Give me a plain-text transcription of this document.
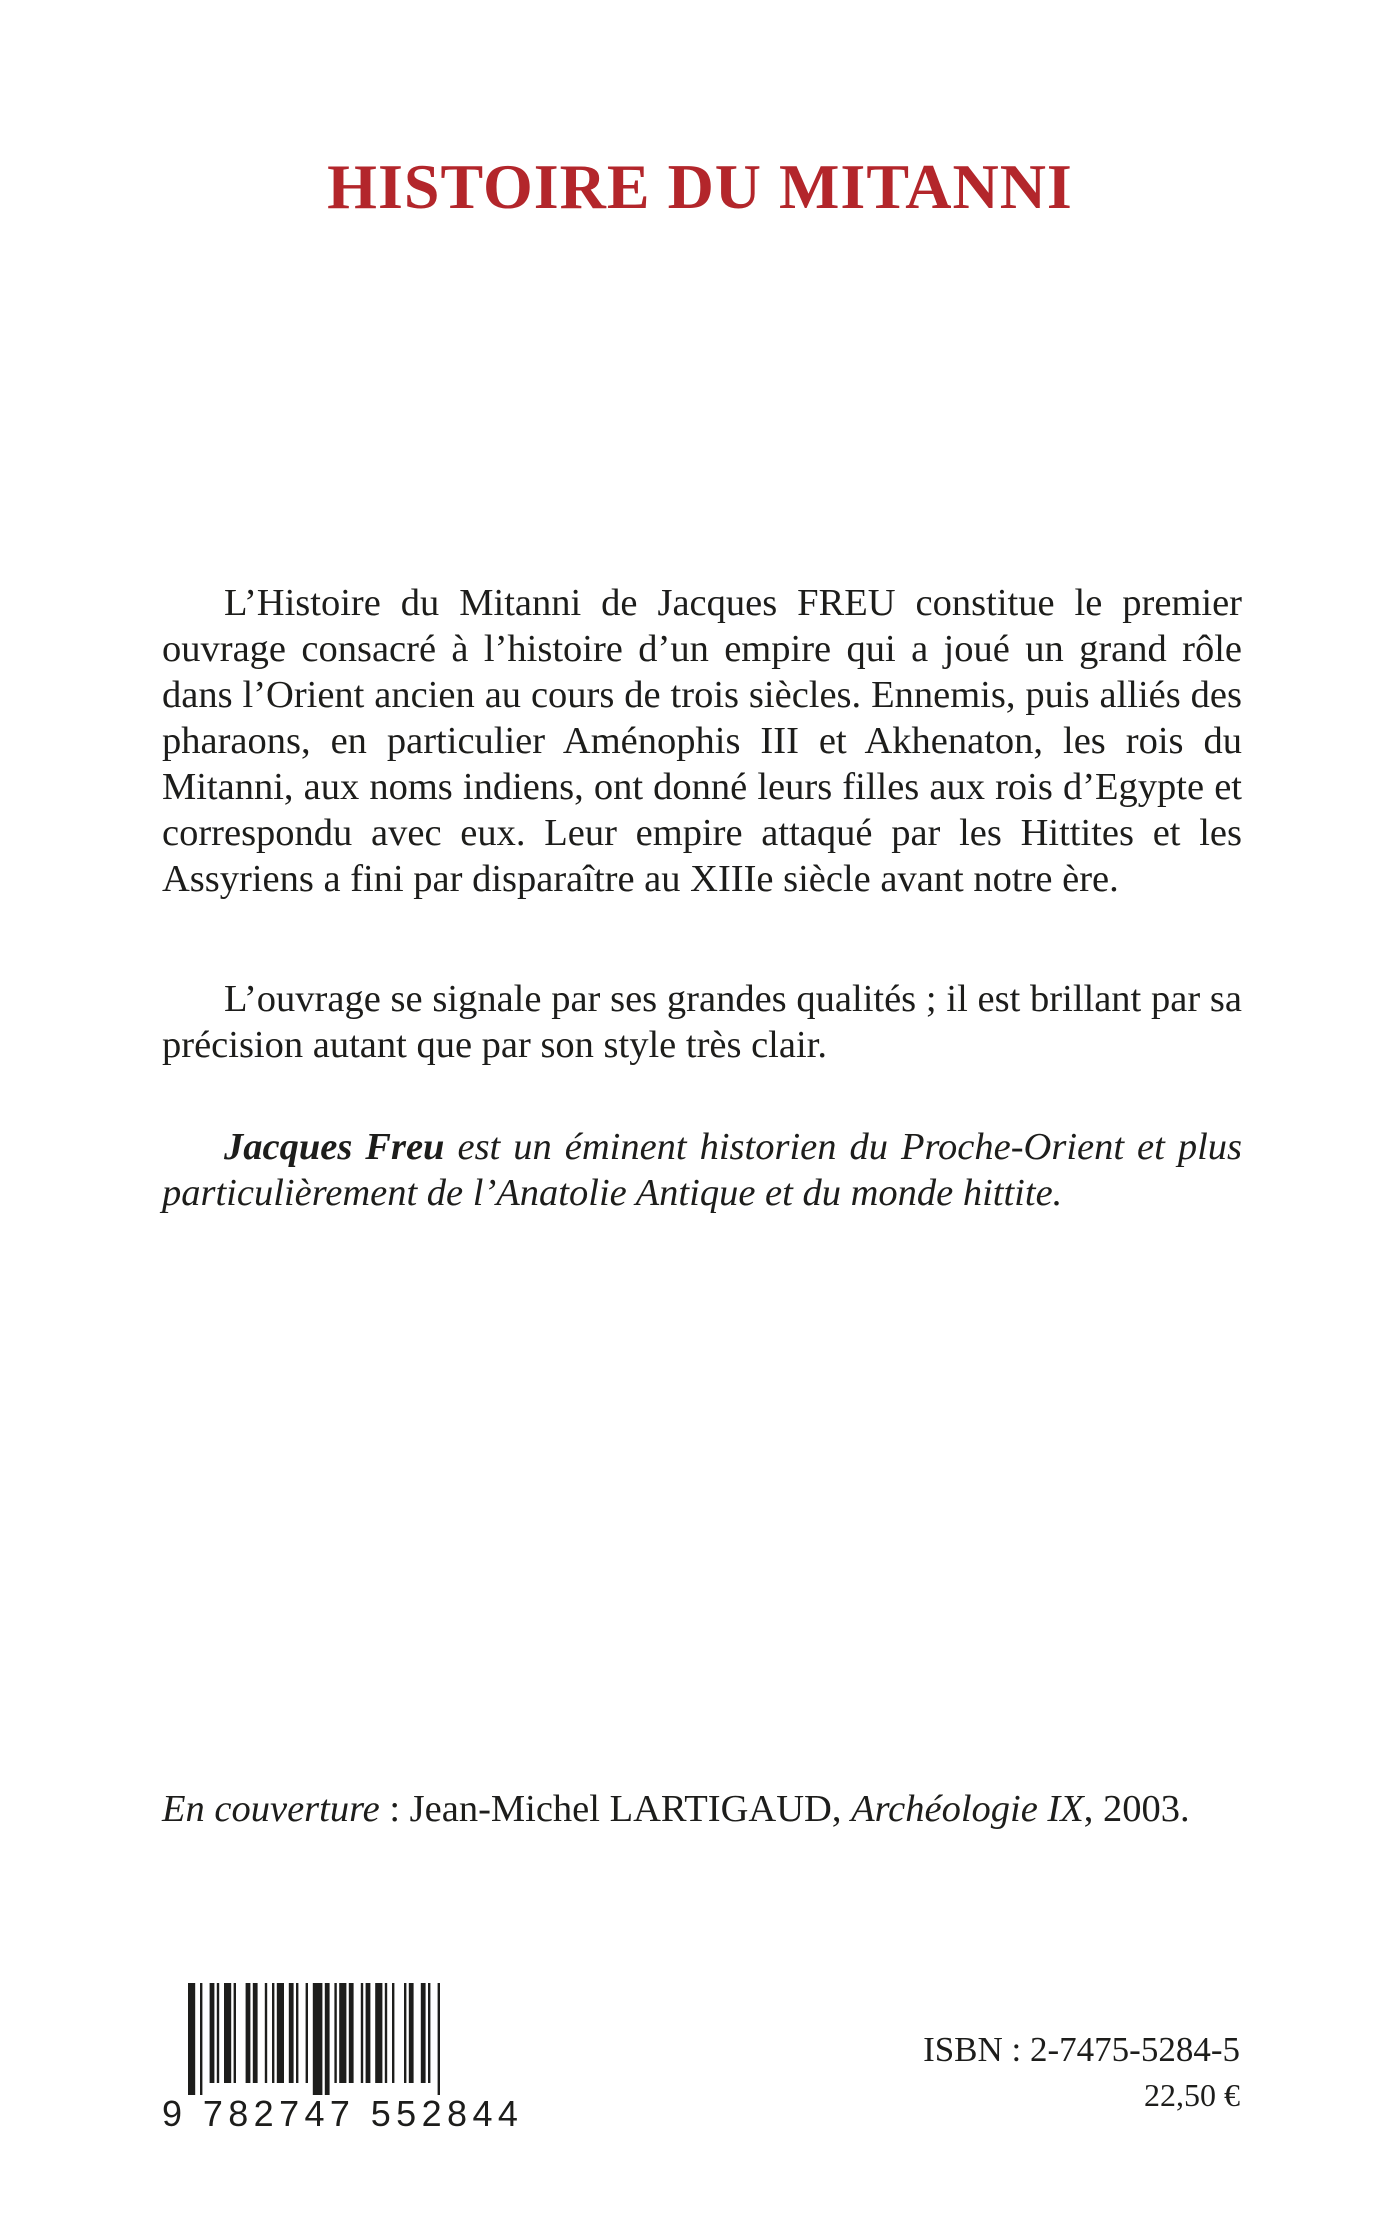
HISTOIRE DU MITANNI

L’Histoire du Mitanni de Jacques FREU constitue le premier ouvrage consacré à l’histoire d’un empire qui a joué un grand rôle dans l’Orient ancien au cours de trois siècles. Ennemis, puis alliés des pharaons, en particulier Aménophis III et Akhenaton, les rois du Mitanni, aux noms indiens, ont donné leurs filles aux rois d’Egypte et correspondu avec eux. Leur empire attaqué par les Hittites et les Assyriens a fini par disparaître au XIIIe siècle avant notre ère.

L’ouvrage se signale par ses grandes qualités ; il est brillant par sa précision autant que par son style très clair.

Jacques Freu est un éminent historien du Proche-Orient et plus particulièrement de l’Anatolie Antique et du monde hittite.

En couverture : Jean-Michel LARTIGAUD, Archéologie IX, 2003.

9 782747 552844

ISBN : 2-7475-5284-5

22,50 €
